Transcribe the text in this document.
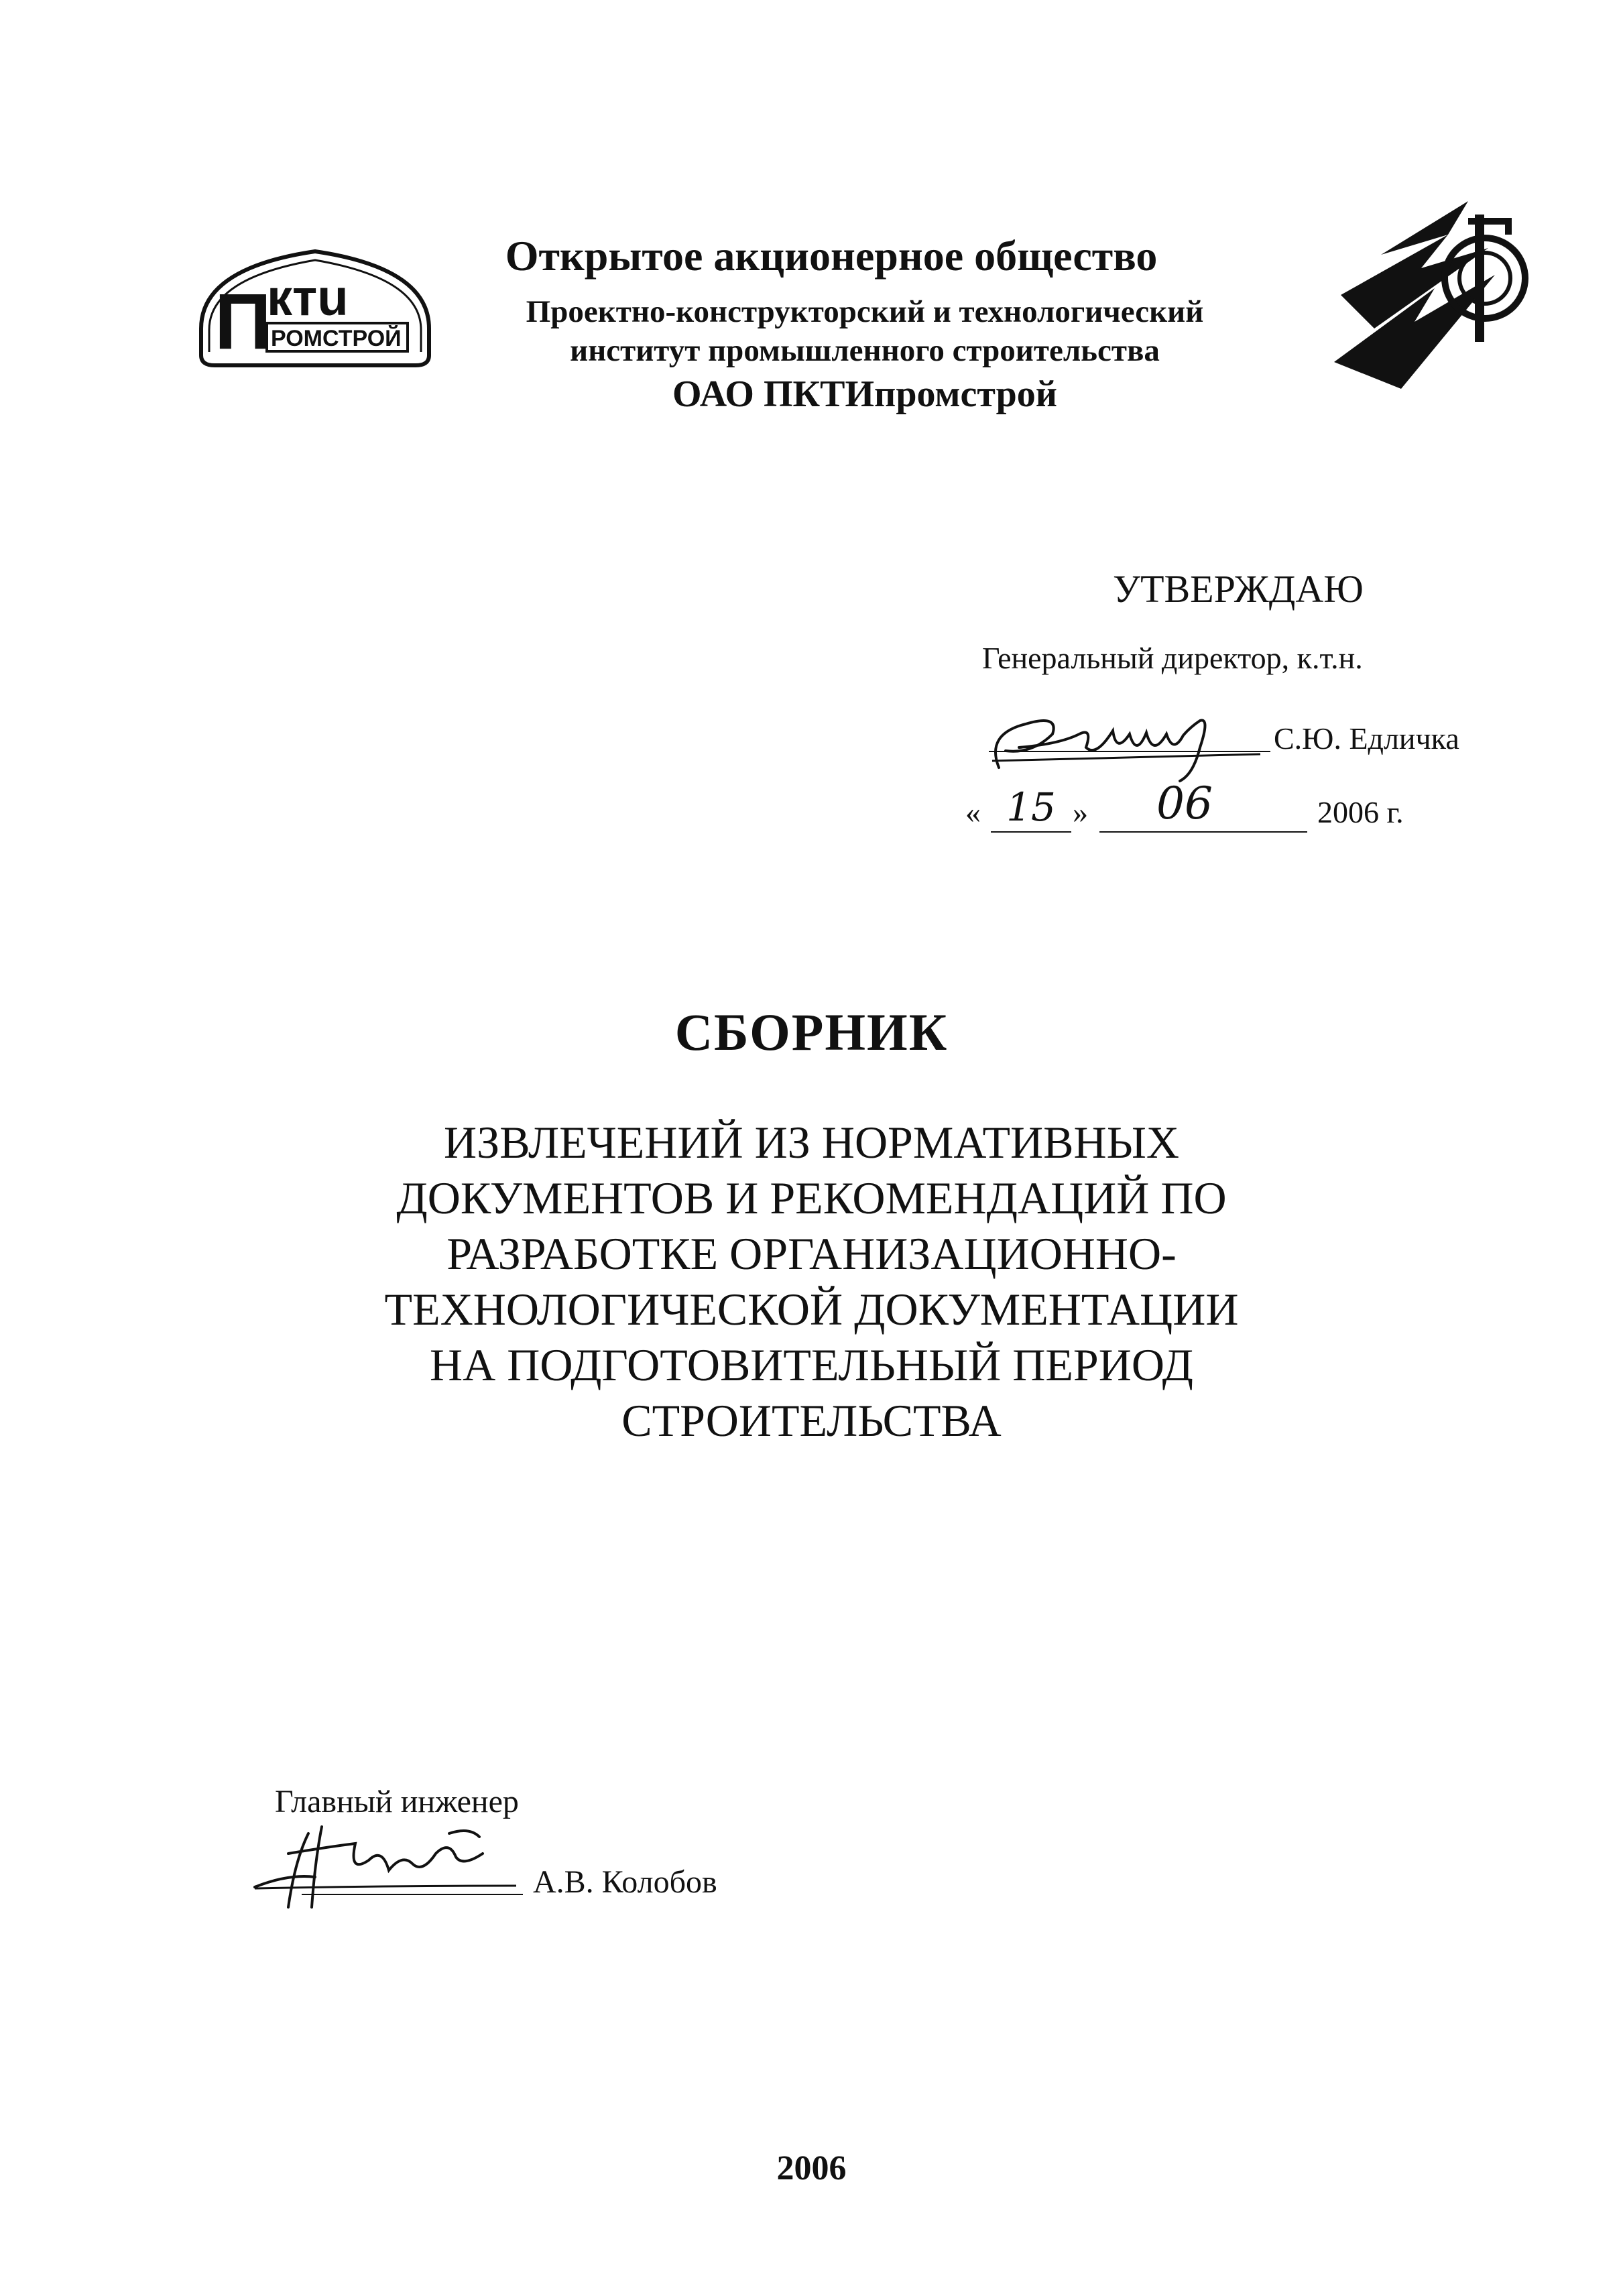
П
ктu
РОМСТРОЙ
Открытое акционерное общество
Проектно-конструкторский и технологический
институт промышленного строительства
ОАО ПКТИпромстрой
УТВЕРЖДАЮ
Генеральный директор, к.т.н.
С.Ю. Едличка
« 15 »	06	2006 г.
СБОРНИК
ИЗВЛЕЧЕНИЙ ИЗ НОРМАТИВНЫХ
ДОКУМЕНТОВ И РЕКОМЕНДАЦИЙ ПО
РАЗРАБОТКЕ ОРГАНИЗАЦИОННО-
ТЕХНОЛОГИЧЕСКОЙ ДОКУМЕНТАЦИИ
НА ПОДГОТОВИТЕЛЬНЫЙ ПЕРИОД
СТРОИТЕЛЬСТВА
Главный инженер
А.В. Колобов
2006
